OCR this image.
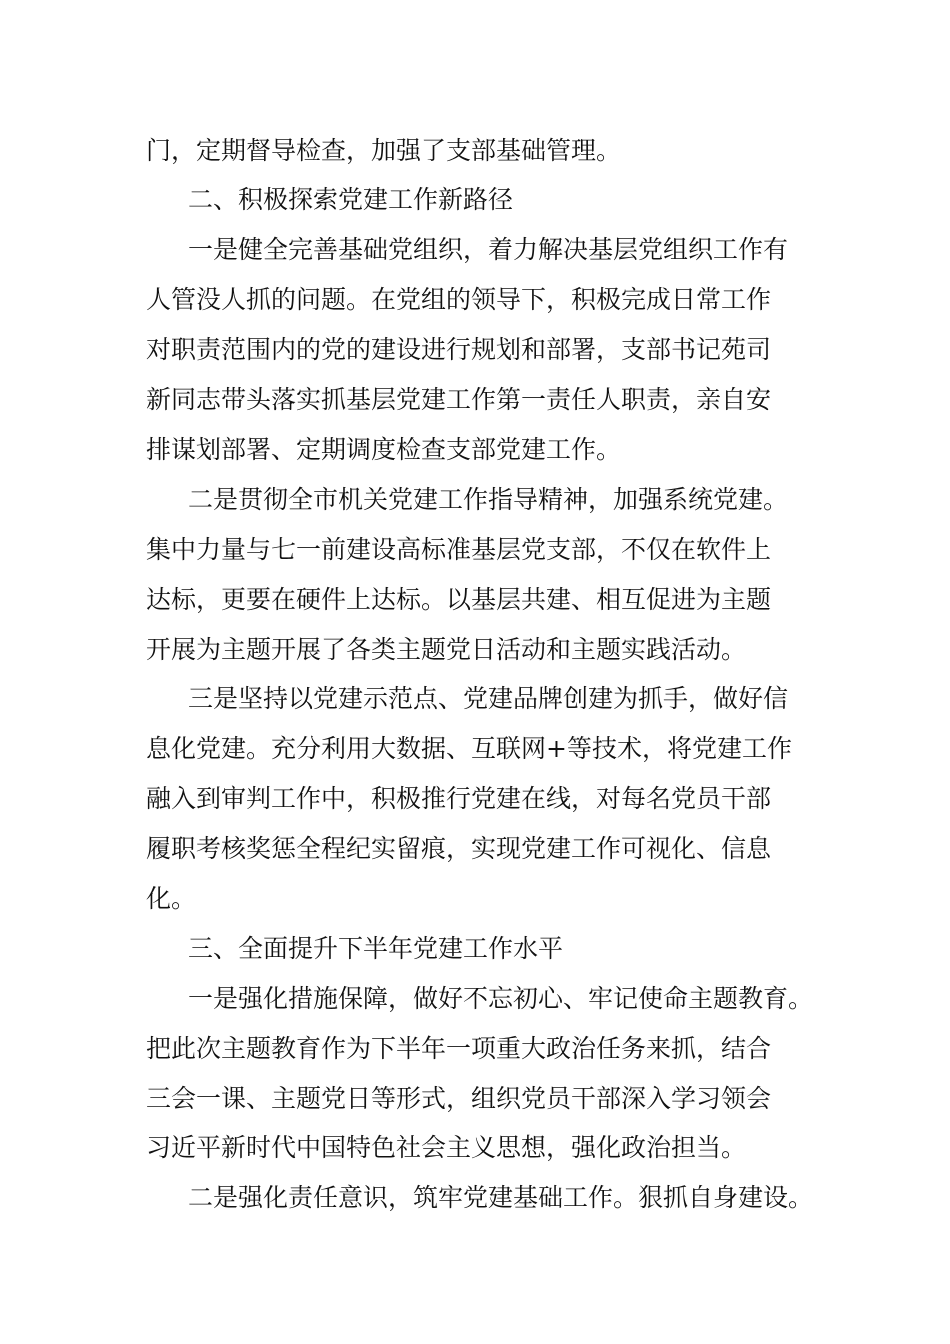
门，定期督导检查，加强了支部基础管理。

二、积极探索党建工作新路径

一是健全完善基础党组织，着力解决基层党组织工作有

人管没人抓的问题。在党组的领导下，积极完成日常工作

对职责范围内的党的建设进行规划和部署，支部书记苑司

新同志带头落实抓基层党建工作第一责任人职责，亲自安

排谋划部署、定期调度检查支部党建工作。

二是贯彻全市机关党建工作指导精神，加强系统党建。

集中力量与七一前建设高标准基层党支部，不仅在软件上

达标，更要在硬件上达标。以基层共建、相互促进为主题

开展为主题开展了各类主题党日活动和主题实践活动。

三是坚持以党建示范点、党建品牌创建为抓手，做好信

息化党建。充分利用大数据、互联网+等技术，将党建工作

融入到审判工作中，积极推行党建在线，对每名党员干部

履职考核奖惩全程纪实留痕，实现党建工作可视化、信息

化。

三、全面提升下半年党建工作水平

一是强化措施保障，做好不忘初心、牢记使命主题教育。

把此次主题教育作为下半年一项重大政治任务来抓，结合

三会一课、主题党日等形式，组织党员干部深入学习领会

习近平新时代中国特色社会主义思想，强化政治担当。

二是强化责任意识，筑牢党建基础工作。狠抓自身建设。
